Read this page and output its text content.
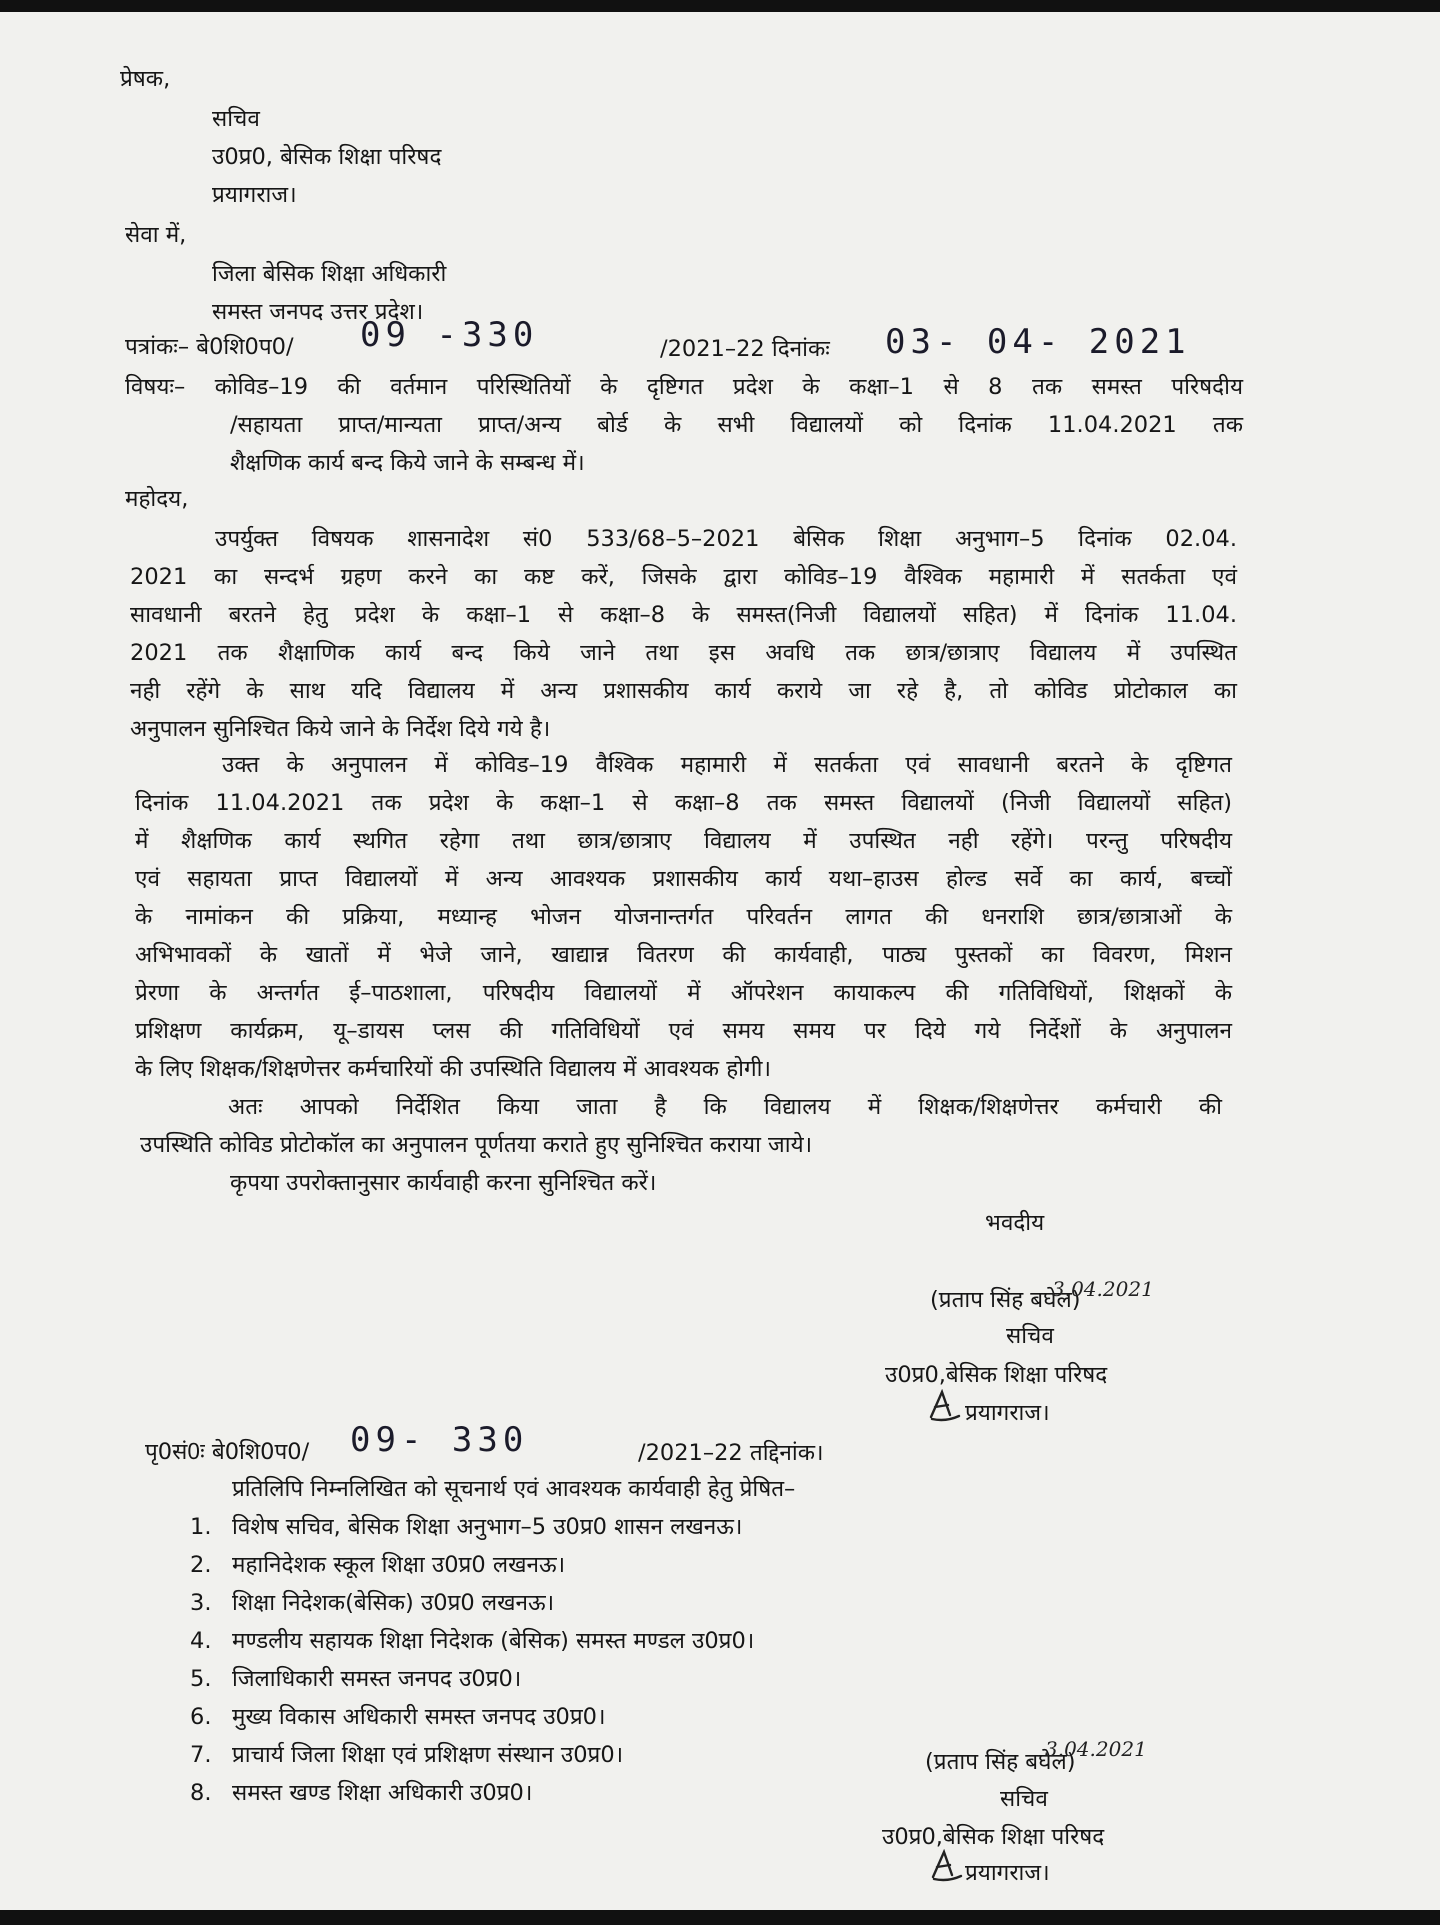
प्रेषक,

सचिव

उ0प्र0, बेसिक शिक्षा परिषद

प्रयागराज।

सेवा में,

जिला बेसिक शिक्षा अधिकारी

समस्त जनपद उत्तर प्रदेश।

पत्रांकः– बे0शि0प0/ 09 -330	/2021–22 दिनांकः 03- 04- 2021

विषयः– कोविड–19 की वर्तमान परिस्थितियों के दृष्टिगत प्रदेश के कक्षा–1 से 8 तक समस्त परिषदीय

/सहायता प्राप्त/मान्यता प्राप्त/अन्य बोर्ड के सभी विद्यालयों को दिनांक 11.04.2021 तक

शैक्षणिक कार्य बन्द किये जाने के सम्बन्ध में।

महोदय,

उपर्युक्त विषयक शासनादेश सं0 533/68–5–2021 बेसिक शिक्षा अनुभाग–5 दिनांक 02.04.

2021 का सन्दर्भ ग्रहण करने का कष्ट करें, जिसके द्वारा कोविड–19 वैश्विक महामारी में सतर्कता एवं

सावधानी बरतने हेतु प्रदेश के कक्षा–1 से कक्षा–8 के समस्त(निजी विद्यालयों सहित) में दिनांक 11.04.

2021 तक शैक्षाणिक कार्य बन्द किये जाने तथा इस अवधि तक छात्र/छात्राए विद्यालय में उपस्थित

नही रहेंगे के साथ यदि विद्यालय में अन्य प्रशासकीय कार्य कराये जा रहे है, तो कोविड प्रोटोकाल का

अनुपालन सुनिश्चित किये जाने के निर्देश दिये गये है।

उक्त के अनुपालन में कोविड–19 वैश्विक महामारी में सतर्कता एवं सावधानी बरतने के दृष्टिगत

दिनांक 11.04.2021 तक प्रदेश के कक्षा–1 से कक्षा–8 तक समस्त विद्यालयों (निजी विद्यालयों सहित)

में शैक्षणिक कार्य स्थगित रहेगा तथा छात्र/छात्राए विद्यालय में उपस्थित नही रहेंगे। परन्तु परिषदीय

एवं सहायता प्राप्त विद्यालयों में अन्य आवश्यक प्रशासकीय कार्य यथा–हाउस होल्ड सर्वे का कार्य, बच्चों

के नामांकन की प्रक्रिया, मध्यान्ह भोजन योजनान्तर्गत परिवर्तन लागत की धनराशि छात्र/छात्राओं के

अभिभावकों के खातों में भेजे जाने, खाद्यान्न वितरण की कार्यवाही, पाठ्य पुस्तकों का विवरण, मिशन

प्रेरणा के अन्तर्गत ई–पाठशाला, परिषदीय विद्यालयों में ऑपरेशन कायाकल्प की गतिविधियों, शिक्षकों के

प्रशिक्षण कार्यक्रम, यू–डायस प्लस की गतिविधियों एवं समय समय पर दिये गये निर्देशों के अनुपालन

के लिए शिक्षक/शिक्षणेत्तर कर्मचारियों की उपस्थिति विद्यालय में आवश्यक होगी।

अतः आपको निर्देशित किया जाता है कि विद्यालय में शिक्षक/शिक्षणेत्तर कर्मचारी की

उपस्थिति कोविड प्रोटोकॉल का अनुपालन पूर्णतया कराते हुए सुनिश्चित कराया जाये।

कृपया उपरोक्तानुसार कार्यवाही करना सुनिश्चित करें।

भवदीय

(प्रताप सिंह बघेल)

3.04.2021

सचिव

उ0प्र0,बेसिक शिक्षा परिषद

प्रयागराज।

पृ0सं0ः बे0शि0प0/ 09- 330	/2021–22 तद्दिनांक।

प्रतिलिपि निम्नलिखित को सूचनार्थ एवं आवश्यक कार्यवाही हेतु प्रेषित–

1. विशेष सचिव, बेसिक शिक्षा अनुभाग–5 उ0प्र0 शासन लखनऊ।

2. महानिदेशक स्कूल शिक्षा उ0प्र0 लखनऊ।

3. शिक्षा निदेशक(बेसिक) उ0प्र0 लखनऊ।

4. मण्डलीय सहायक शिक्षा निदेशक (बेसिक) समस्त मण्डल उ0प्र0।

5. जिलाधिकारी समस्त जनपद उ0प्र0।

6. मुख्य विकास अधिकारी समस्त जनपद उ0प्र0।

7. प्राचार्य जिला शिक्षा एवं प्रशिक्षण संस्थान उ0प्र0।

8. समस्त खण्ड शिक्षा अधिकारी उ0प्र0।

(प्रताप सिंह बघेल)

3.04.2021

सचिव

उ0प्र0,बेसिक शिक्षा परिषद

प्रयागराज।
